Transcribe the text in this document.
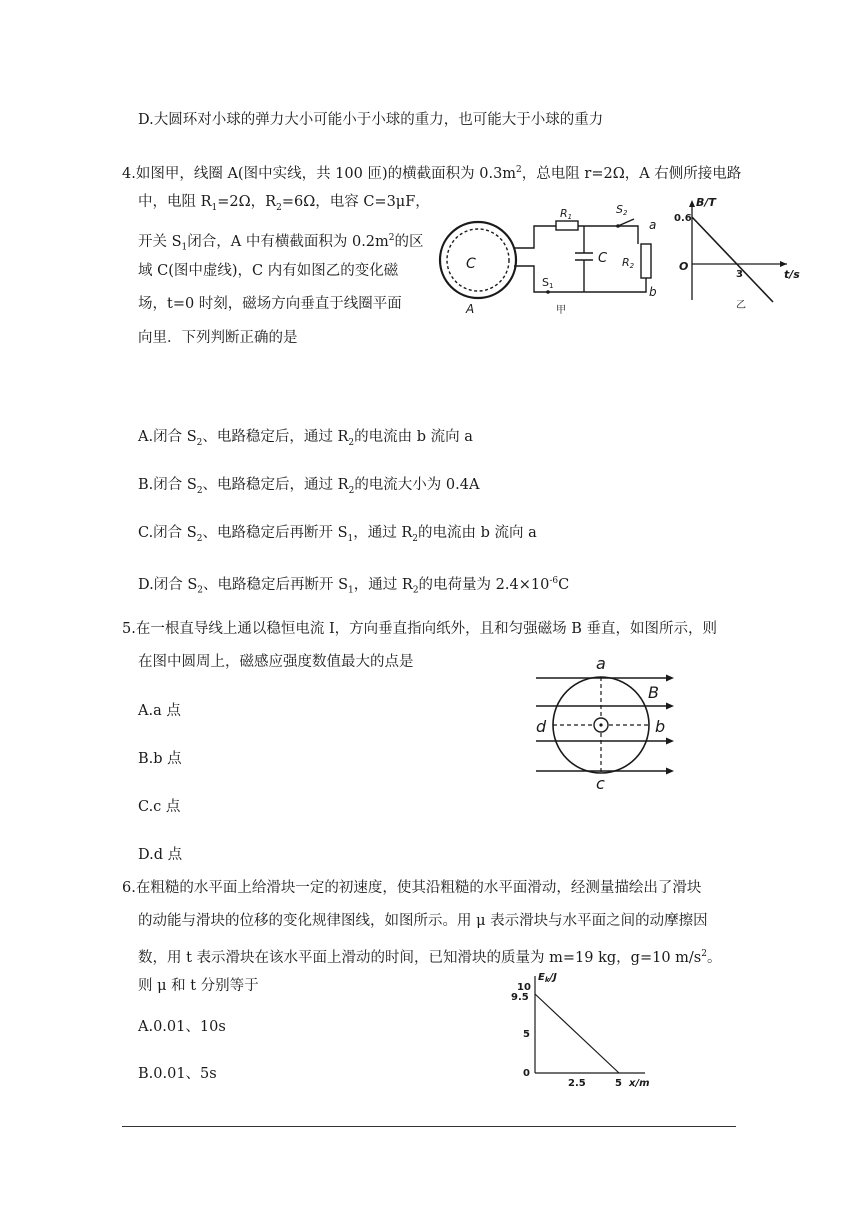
D.大圆环对小球的弹力大小可能小于小球的重力，也可能大于小球的重力
4.如图甲，线圈 A(图中实线，共 100 匝)的横截面积为 $0.3m^2$，总电阻 r=2Ω，A 右侧所接电路
中，电阻 $R_1=2\Omega$，$R_2=6\Omega$，电容 C=3μF，
开关 $S_1$闭合，A 中有横截面积为 $0.2m^2$的区
域 C(图中虚线)，C 内有如图乙的变化磁
场，t=0 时刻，磁场方向垂直于线圈平面
向里．下列判断正确的是
C
A
R1
C
S2
a
R2
b
S1
甲
B/T
0.6
O
3	t/s
乙
A.闭合 $S_2$、电路稳定后，通过 $R_2$的电流由 b 流向 a
B.闭合 $S_2$、电路稳定后，通过 $R_2$的电流大小为 0.4A
C.闭合 $S_2$、电路稳定后再断开 $S_1$，通过 $R_2$的电流由 b 流向 a
D.闭合 $S_2$、电路稳定后再断开 $S_1$，通过 $R_2$的电荷量为 $2.4\times 10^{-6}C$
5.在一根直导线上通以稳恒电流 I，方向垂直指向纸外，且和匀强磁场 B 垂直，如图所示，则
在图中圆周上，磁感应强度数值最大的点是
A.a 点
B.b 点
C.c 点
D.d 点
a
b
c
d
B
6.在粗糙的水平面上给滑块一定的初速度，使其沿粗糙的水平面滑动，经测量描绘出了滑块
的动能与滑块的位移的变化规律图线，如图所示。用 μ 表示滑块与水平面之间的动摩擦因
数，用 t 表示滑块在该水平面上滑动的时间，已知滑块的质量为 m=19 kg，g=10 $m/s^2$。
则 μ 和 t 分别等于
A.0.01、10s
B.0.01、5s
$E_k/J$
10
9.5
5
0
2.5	5 x/m
